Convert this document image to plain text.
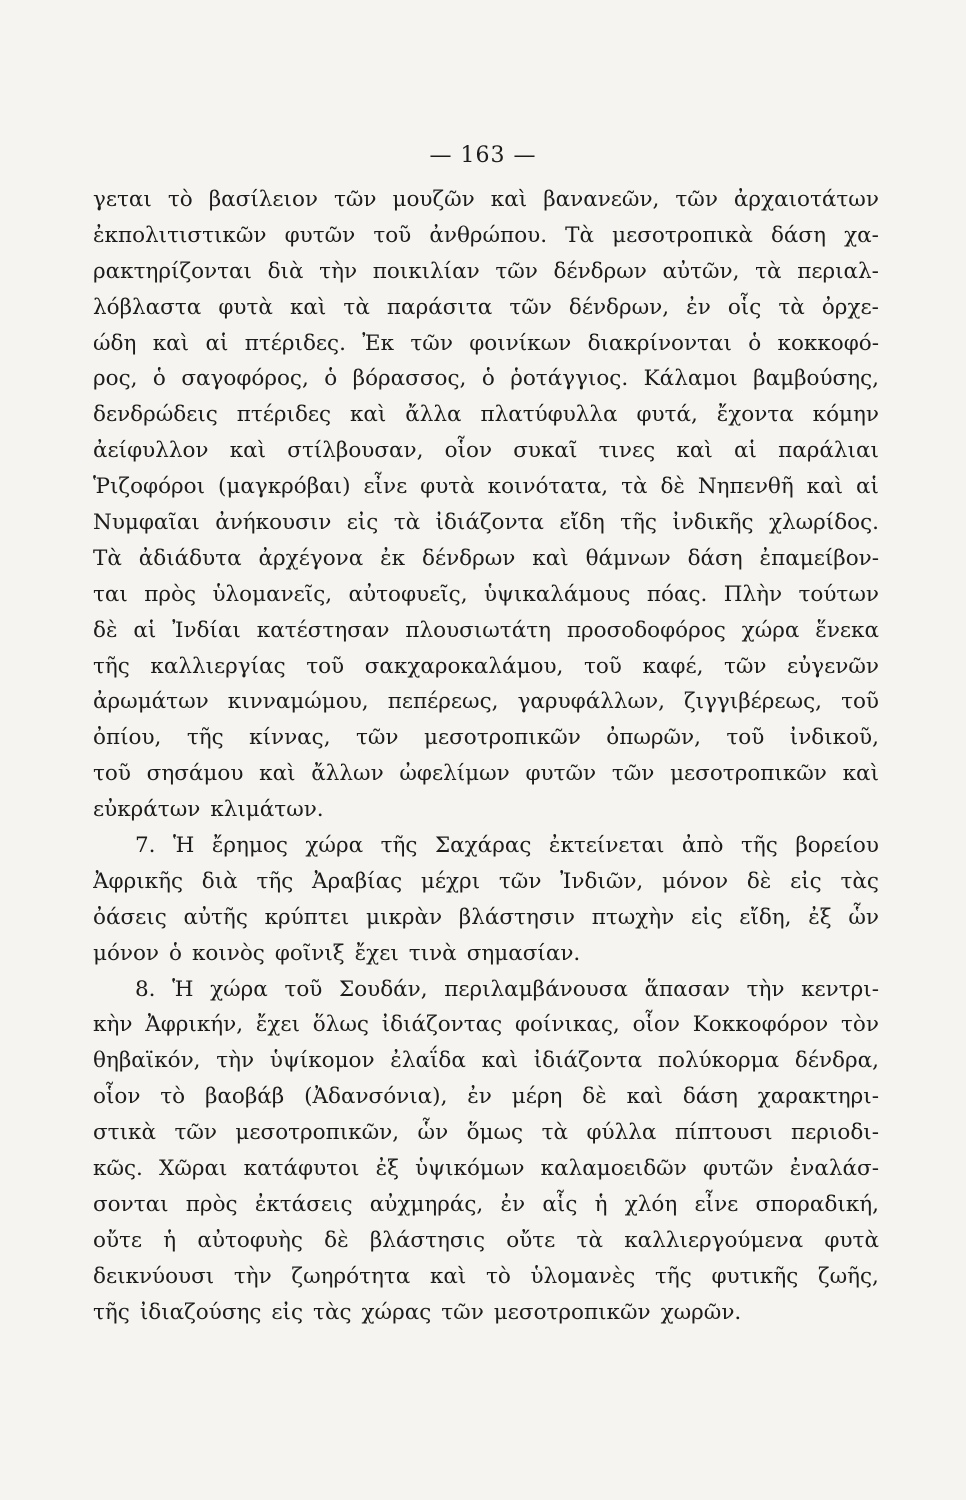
— 163 —
γεται τὸ βασίλειον τῶν μουζῶν καὶ βανανεῶν, τῶν ἀρχαιοτάτων
ἐκπολιτιστικῶν φυτῶν τοῦ ἀνθρώπου. Τὰ μεσοτροπικὰ δάση χα-
ρακτηρίζονται διὰ τὴν ποικιλίαν τῶν δένδρων αὐτῶν, τὰ περιαλ-
λόβλαστα φυτὰ καὶ τὰ παράσιτα τῶν δένδρων, ἐν οἷς τὰ ὀρχε-
ώδη καὶ αἱ πτέριδες. Ἐκ τῶν φοινίκων διακρίνονται ὁ κοκκοφό-
ρος, ὁ σαγοφόρος, ὁ βόρασσος, ὁ ῥοτάγγιος. Κάλαμοι βαμβούσης,
δενδρώδεις πτέριδες καὶ ἄλλα πλατύφυλλα φυτά, ἔχοντα κόμην
ἀείφυλλον καὶ στίλβουσαν, οἷον συκαῖ τινες καὶ αἱ παράλιαι
Ῥιζοφόροι (μαγκρόβαι) εἶνε φυτὰ κοινότατα, τὰ δὲ Νηπενθῆ καὶ αἱ
Νυμφαῖαι ἀνήκουσιν εἰς τὰ ἰδιάζοντα εἴδη τῆς ἰνδικῆς χλωρίδος.
Τὰ ἀδιάδυτα ἀρχέγονα ἐκ δένδρων καὶ θάμνων δάση ἐπαμείβον-
ται πρὸς ὑλομανεῖς, αὐτοφυεῖς, ὑψικαλάμους πόας. Πλὴν τούτων
δὲ αἱ Ἰνδίαι κατέστησαν πλουσιωτάτη προσοδοφόρος χώρα ἕνεκα
τῆς καλλιεργίας τοῦ σακχαροκαλάμου, τοῦ καφέ, τῶν εὐγενῶν
ἀρωμάτων κινναμώμου, πεπέρεως, γαρυφάλλων, ζιγγιβέρεως, τοῦ
ὀπίου, τῆς κίννας, τῶν μεσοτροπικῶν ὀπωρῶν, τοῦ ἰνδικοῦ,
τοῦ σησάμου καὶ ἄλλων ὠφελίμων φυτῶν τῶν μεσοτροπικῶν καὶ
εὐκράτων κλιμάτων.
7. Ἡ ἔρημος χώρα τῆς Σαχάρας ἐκτείνεται ἀπὸ τῆς βορείου
Ἀφρικῆς διὰ τῆς Ἀραβίας μέχρι τῶν Ἰνδιῶν, μόνον δὲ εἰς τὰς
ὀάσεις αὐτῆς κρύπτει μικρὰν βλάστησιν πτωχὴν εἰς εἴδη, ἐξ ὧν
μόνον ὁ κοινὸς φοῖνιξ ἔχει τινὰ σημασίαν.
8. Ἡ χώρα τοῦ Σουδάν, περιλαμβάνουσα ἅπασαν τὴν κεντρι-
κὴν Ἀφρικήν, ἔχει ὅλως ἰδιάζοντας φοίνικας, οἷον Κοκκοφόρον τὸν
θηβαϊκόν, τὴν ὑψίκομον ἐλαΐδα καὶ ἰδιάζοντα πολύκορμα δένδρα,
οἷον τὸ βαοβάβ (Ἀδανσόνια), ἐν μέρη δὲ καὶ δάση χαρακτηρι-
στικὰ τῶν μεσοτροπικῶν, ὧν ὅμως τὰ φύλλα πίπτουσι περιοδι-
κῶς. Χῶραι κατάφυτοι ἐξ ὑψικόμων καλαμοειδῶν φυτῶν ἐναλάσ-
σονται πρὸς ἐκτάσεις αὐχμηράς, ἐν αἷς ἡ χλόη εἶνε σποραδική,
οὔτε ἡ αὐτοφυὴς δὲ βλάστησις οὔτε τὰ καλλιεργούμενα φυτὰ
δεικνύουσι τὴν ζωηρότητα καὶ τὸ ὑλομανὲς τῆς φυτικῆς ζωῆς,
τῆς ἰδιαζούσης εἰς τὰς χώρας τῶν μεσοτροπικῶν χωρῶν.
